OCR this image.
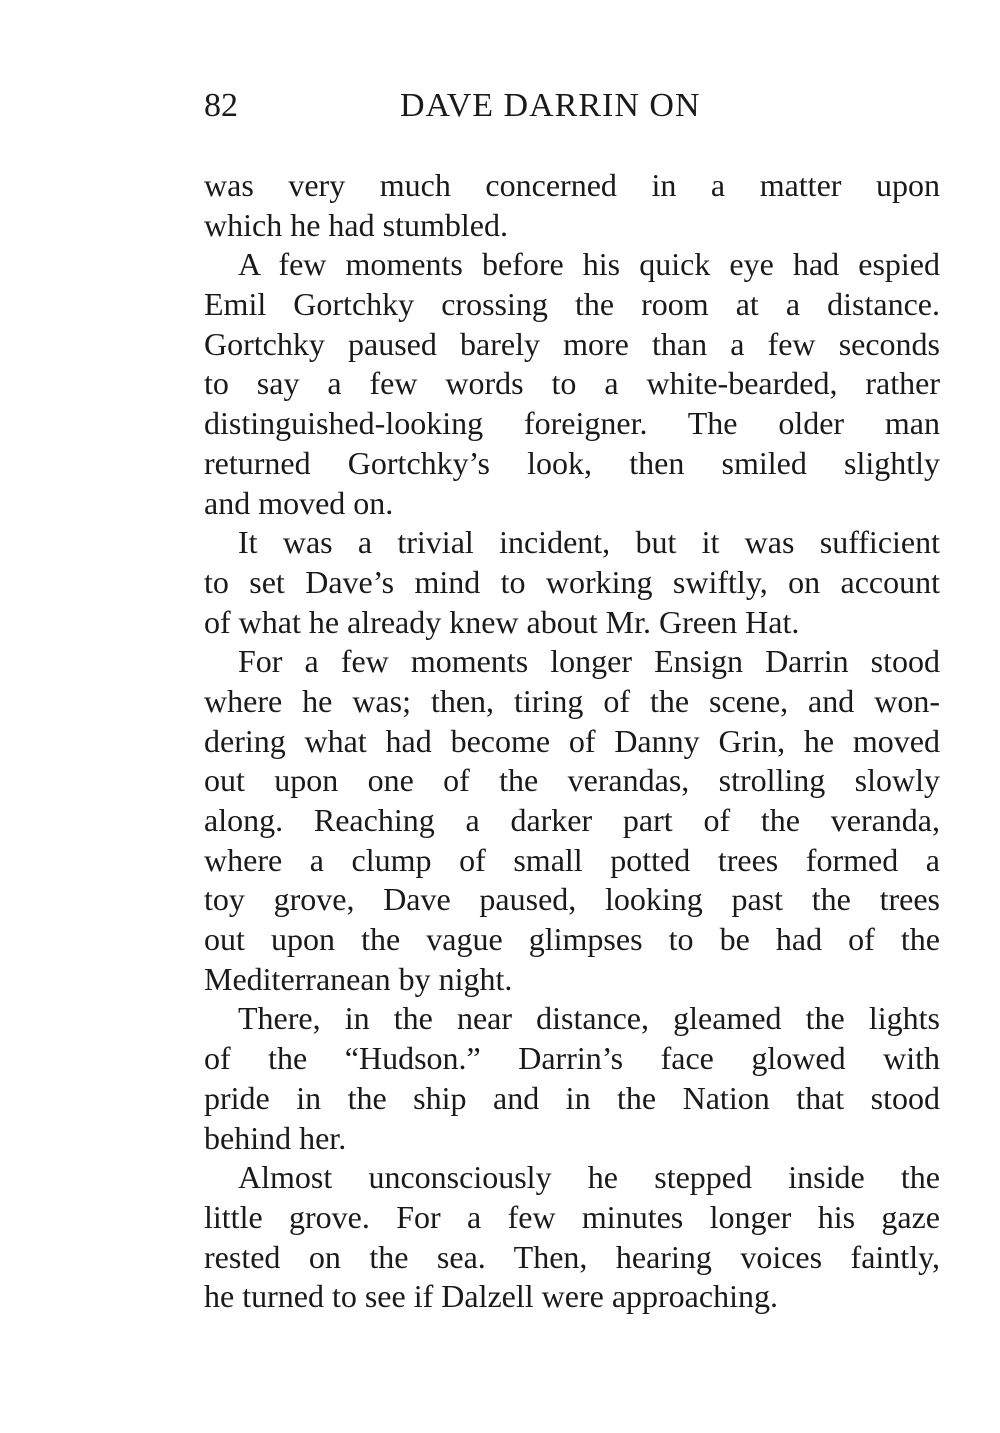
82	DAVE DARRIN ON
was very much concerned in a matter upon
which he had stumbled.
A few moments before his quick eye had espied
Emil Gortchky crossing the room at a distance.
Gortchky paused barely more than a few seconds
to say a few words to a white-bearded, rather
distinguished-looking foreigner. The older man
returned Gortchky’s look, then smiled slightly
and moved on.
It was a trivial incident, but it was sufficient
to set Dave’s mind to working swiftly, on account
of what he already knew about Mr. Green Hat.
For a few moments longer Ensign Darrin stood
where he was; then, tiring of the scene, and won-
dering what had become of Danny Grin, he moved
out upon one of the verandas, strolling slowly
along. Reaching a darker part of the veranda,
where a clump of small potted trees formed a
toy grove, Dave paused, looking past the trees
out upon the vague glimpses to be had of the
Mediterranean by night.
There, in the near distance, gleamed the lights
of the “Hudson.” Darrin’s face glowed with
pride in the ship and in the Nation that stood
behind her.
Almost unconsciously he stepped inside the
little grove. For a few minutes longer his gaze
rested on the sea. Then, hearing voices faintly,
he turned to see if Dalzell were approaching.
